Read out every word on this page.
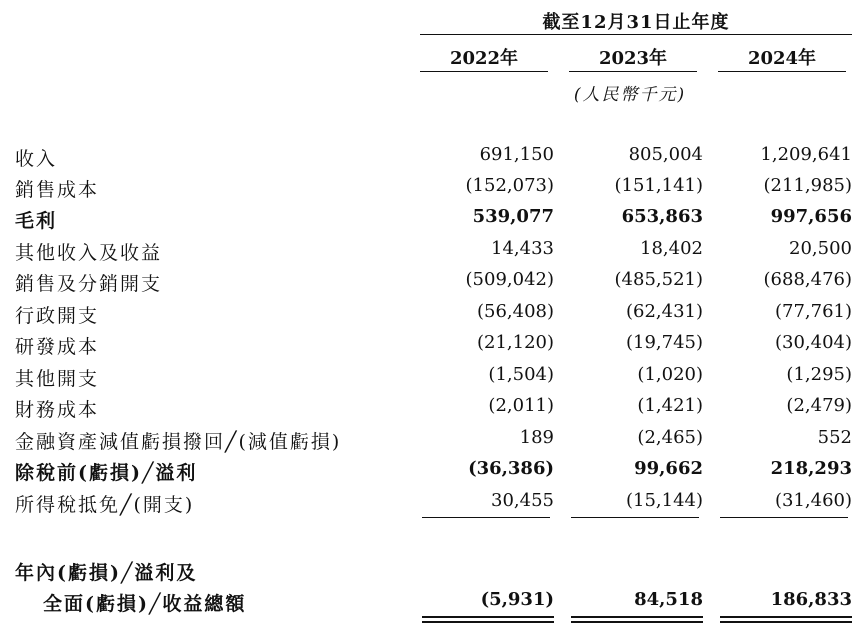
截至12月31日止年度
2022年	2023年	2024年
(人民幣千元)
收入	691,150	805,004	1,209,641
銷售成本	(152,073)	(151,141)	(211,985)
毛利	539,077	653,863	997,656
其他收入及收益	14,433	18,402	20,500
銷售及分銷開支	(509,042)	(485,521)	(688,476)
行政開支	(56,408)	(62,431)	(77,761)
研發成本	(21,120)	(19,745)	(30,404)
其他開支	(1,504)	(1,020)	(1,295)
財務成本	(2,011)	(1,421)	(2,479)
金融資產減值虧損撥回╱(減值虧損)	189	(2,465)	552
除稅前(虧損)╱溢利	(36,386)	99,662	218,293
所得稅抵免╱(開支)	30,455	(15,144)	(31,460)
年內(虧損)╱溢利及
全面(虧損)╱收益總額	(5,931)	84,518	186,833
